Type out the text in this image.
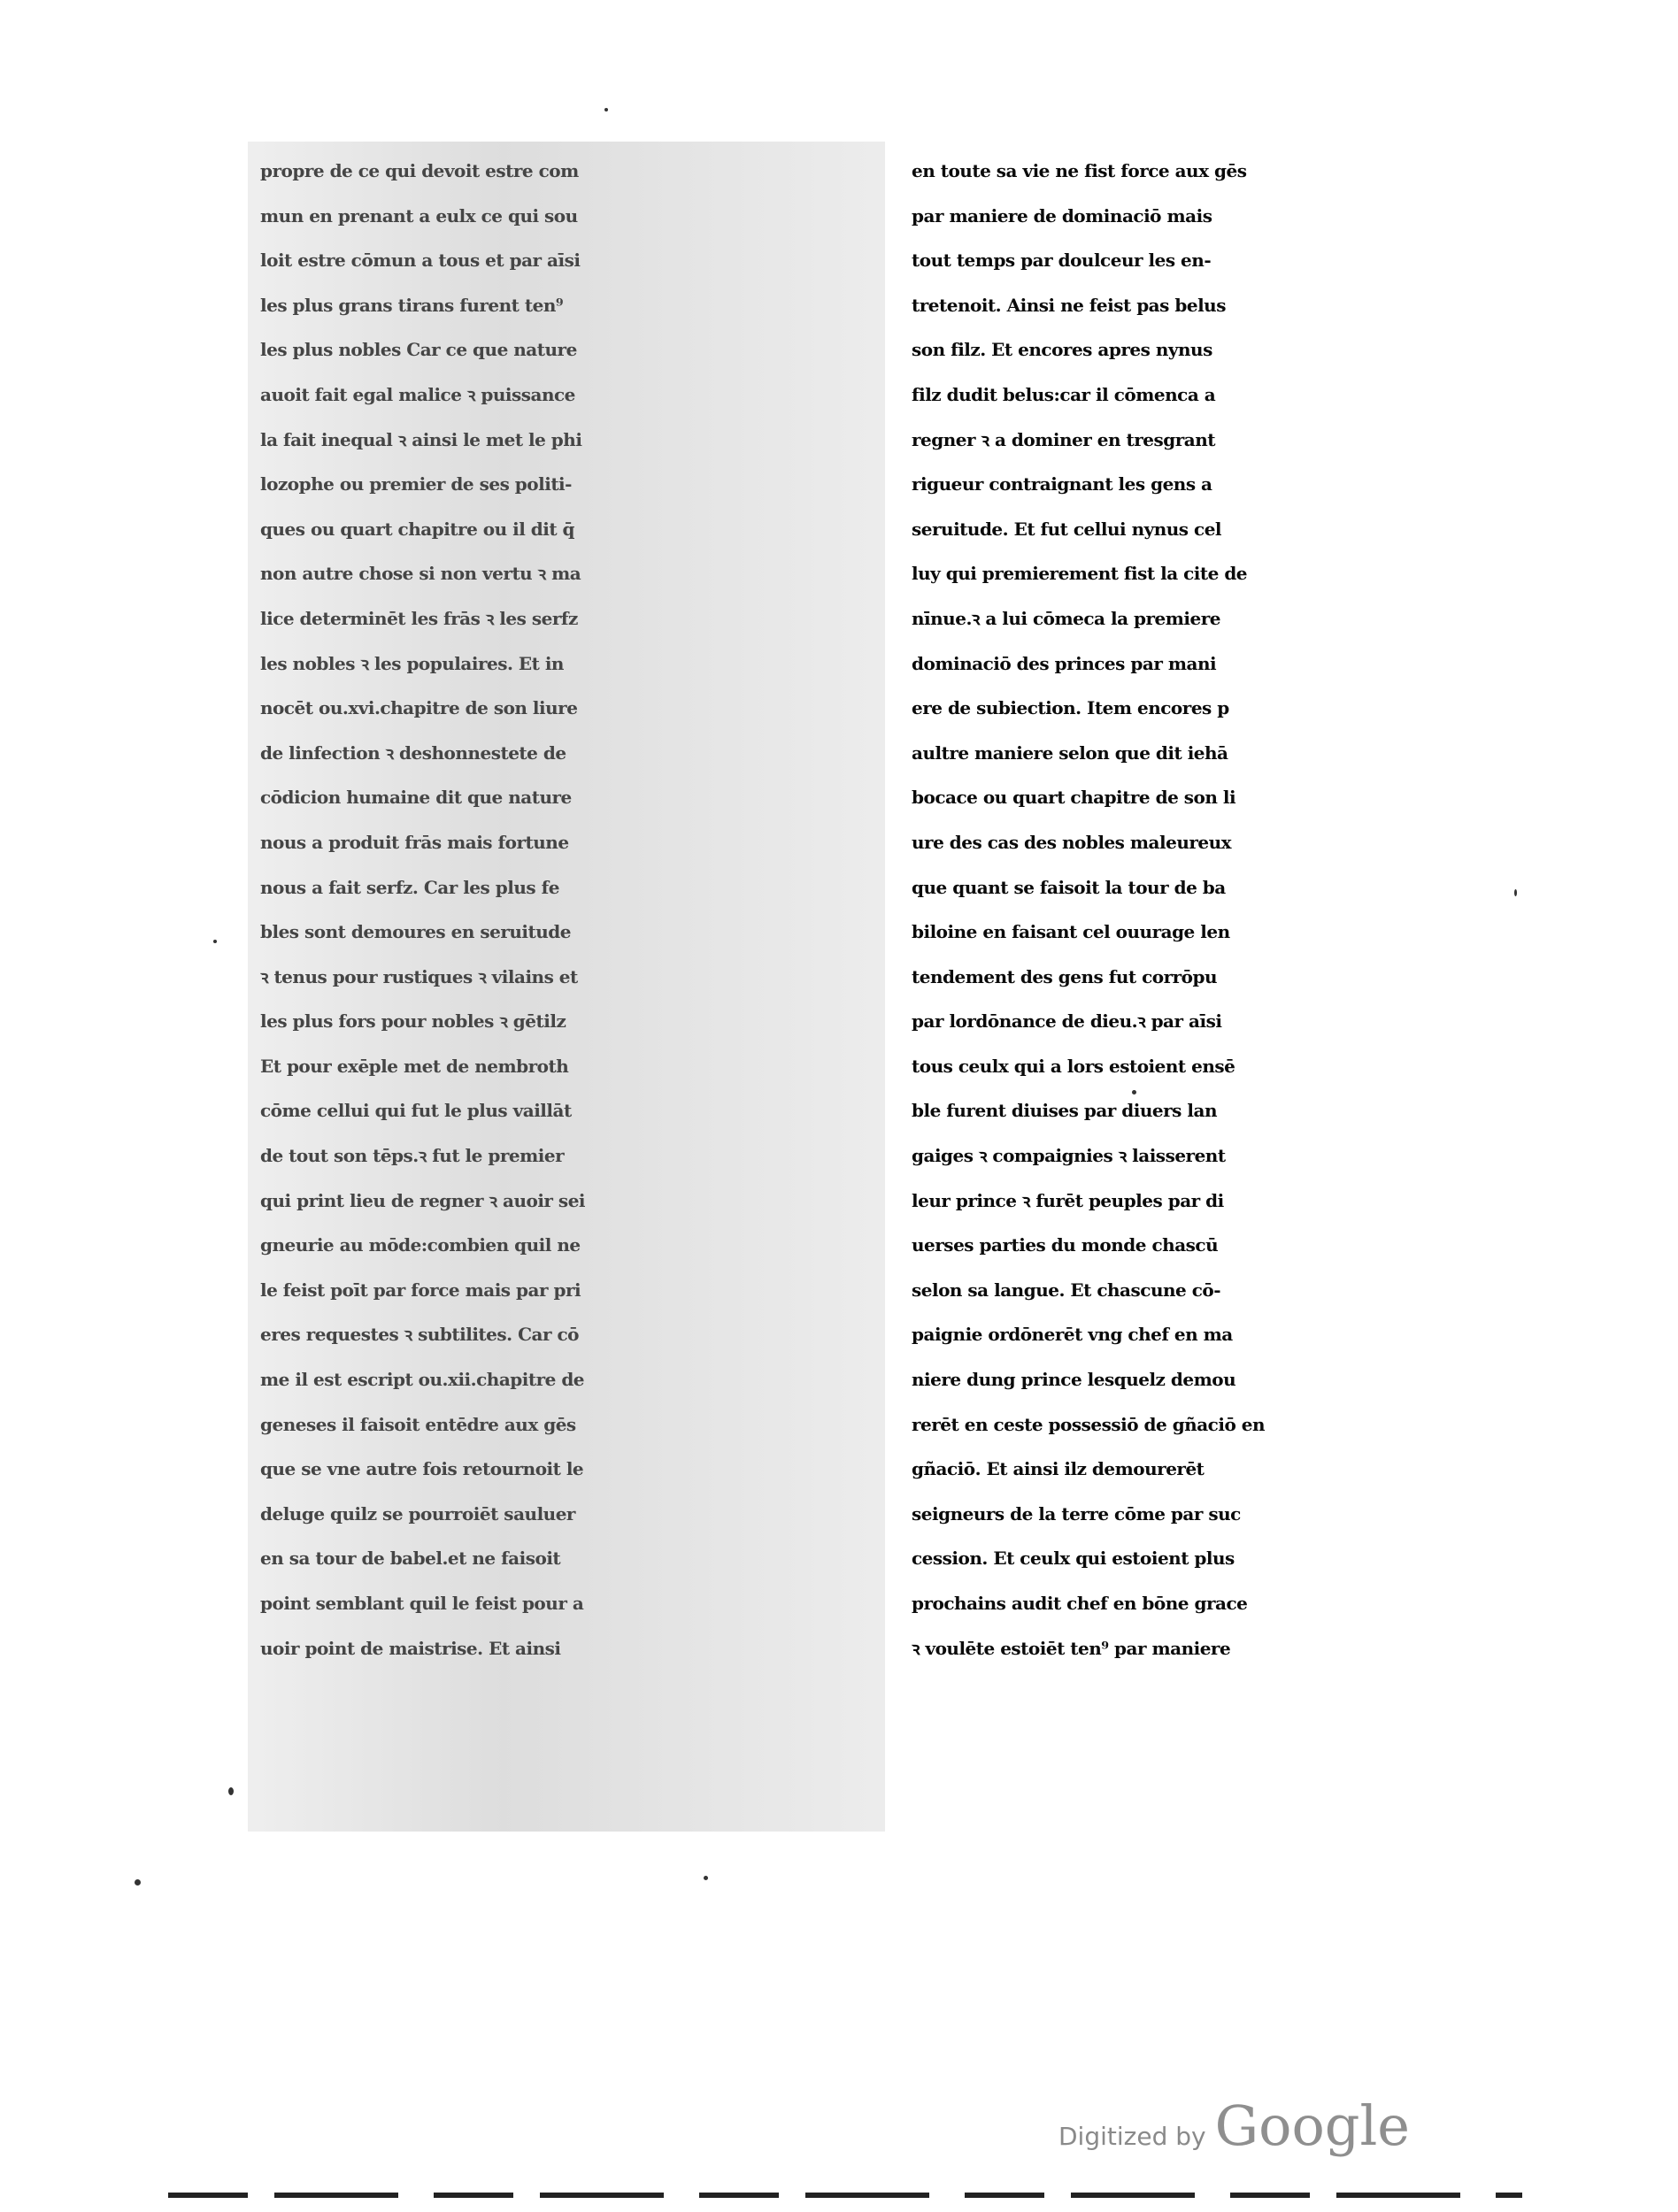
propre de ce qui devoit estre com
mun en prenant a eulx ce qui sou
loit estre cōmun a tous et par aīsi
les plus grans tirans furent ten⁹
les plus nobles Car ce que nature
auoit fait egal malice ꝛ puissance
la fait inequal ꝛ ainsi le met le phi
lozophe ou premier de ses politi-
ques ou quart chapitre ou il dit q̄
non autre chose si non vertu ꝛ ma
lice determinēt les frās ꝛ les serfz
les nobles ꝛ les populaires. Et in
nocēt ou.xvi.chapitre de son liure
de linfection ꝛ deshonnestete de
cōdicion humaine dit que nature
nous a produit frās mais fortune
nous a fait serfz. Car les plus fe
bles sont demoures en seruitude
ꝛ tenus pour rustiques ꝛ vilains et
les plus fors pour nobles ꝛ gētilz
Et pour exēple met de nembroth
cōme cellui qui fut le plus vaillāt
de tout son tēps.ꝛ fut le premier
qui print lieu de regner ꝛ auoir sei
gneurie au mōde:combien quil ne
le feist poīt par force mais par pri
eres requestes ꝛ subtilites. Car cō
me il est escript ou.xii.chapitre de
geneses il faisoit entēdre aux gēs
que se vne autre fois retournoit le
deluge quilz se pourroiēt sauluer
en sa tour de babel.et ne faisoit
point semblant quil le feist pour a
uoir point de maistrise. Et ainsi
en toute sa vie ne fist force aux gēs
par maniere de dominaciō mais
tout temps par doulceur les en-
tretenoit. Ainsi ne feist pas belus
son filz. Et encores apres nynus
filz dudit belus:car il cōmenca a
regner ꝛ a dominer en tresgrant
rigueur contraignant les gens a
seruitude. Et fut cellui nynus cel
luy qui premierement fist la cite de
nīnue.ꝛ a lui cōmeca la premiere
dominaciō des princes par mani
ere de subiection. Item encores p
aultre maniere selon que dit iehā
bocace ou quart chapitre de son li
ure des cas des nobles maleureux
que quant se faisoit la tour de ba
biloine en faisant cel ouurage len
tendement des gens fut corrōpu
par lordōnance de dieu.ꝛ par aīsi
tous ceulx qui a lors estoient ensē
ble furent diuises par diuers lan
gaiges ꝛ compaignies ꝛ laisserent
leur prince ꝛ furēt peuples par di
uerses parties du monde chascū
selon sa langue. Et chascune cō-
paignie ordōnerēt vng chef en ma
niere dung prince lesquelz demou
rerēt en ceste possessiō de gñaciō en
gñaciō. Et ainsi ilz demourerēt
seigneurs de la terre cōme par suc
cession. Et ceulx qui estoient plus
prochains audit chef en bōne grace
ꝛ voulēte estoiēt ten⁹ par maniere
Digitized by Google
